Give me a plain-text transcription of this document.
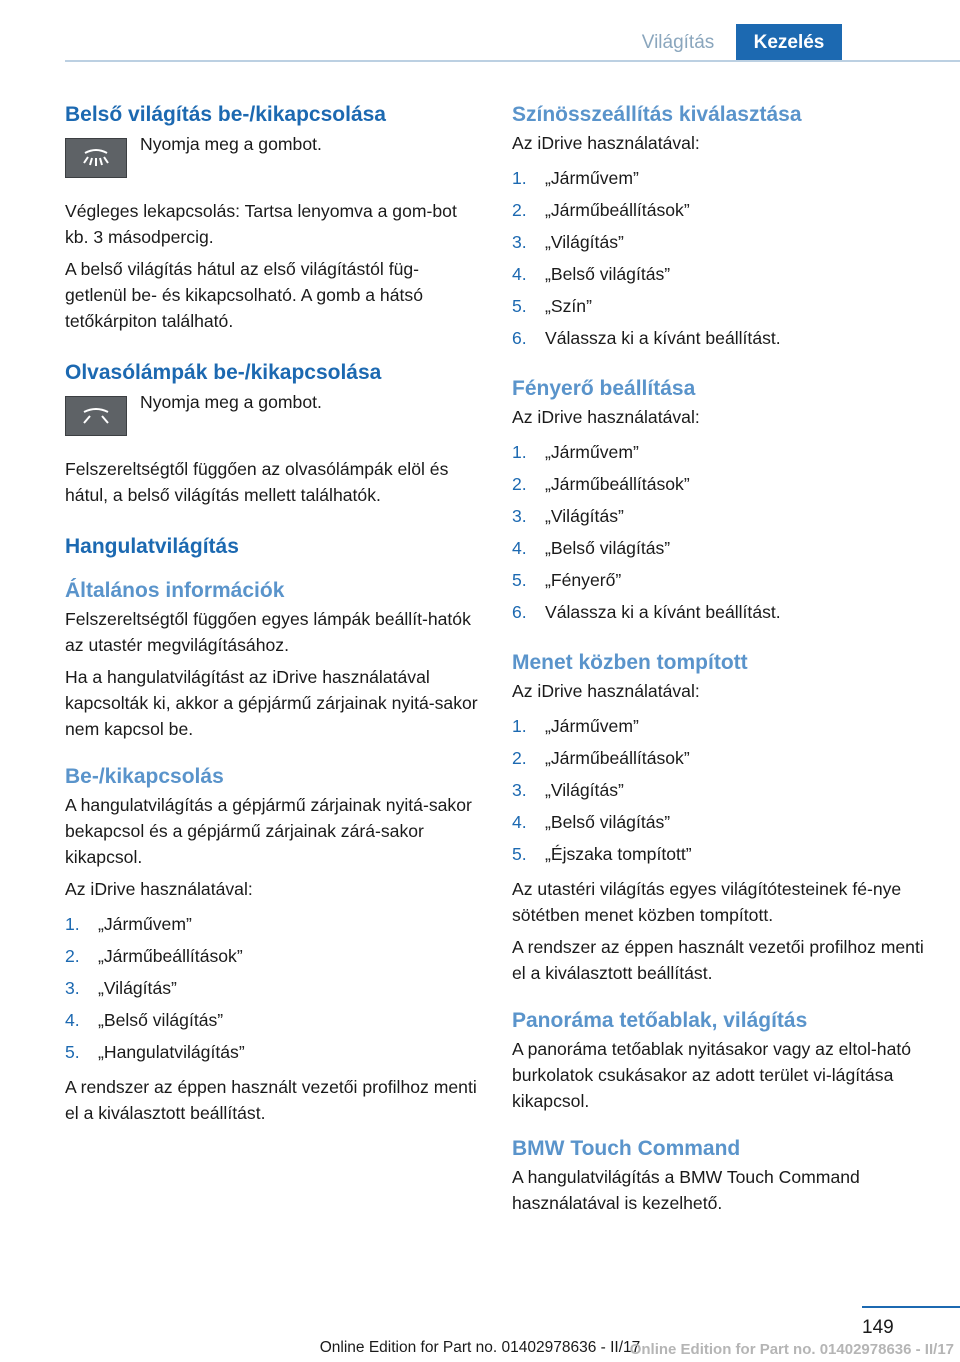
Világítás	Kezelés
Belső világítás be-/kikapcsolása
Nyomja meg a gombot.

Végleges lekapcsolás: Tartsa lenyomva a gom-bot kb. 3 másodpercig.

A belső világítás hátul az első világítástól füg-getlenül be- és kikapcsolható. A gomb a hátsó tetőkárpiton található.

Olvasólámpák be-/kikapcsolása
Nyomja meg a gombot.

Felszereltségtől függően az olvasólámpák elöl és hátul, a belső világítás mellett találhatók.

Hangulatvilágítás
Általános információk

Felszereltségtől függően egyes lámpák beállít-hatók az utastér megvilágításához.

Ha a hangulatvilágítást az iDrive használatával kapcsolták ki, akkor a gépjármű zárjainak nyitá-sakor nem kapcsol be.

Be-/kikapcsolás

A hangulatvilágítás a gépjármű zárjainak nyitá-sakor bekapcsol és a gépjármű zárjainak zárá-sakor kikapcsol.

Az iDrive használatával:

1. „Járművem”
2. „Járműbeállítások”
3. „Világítás”
4. „Belső világítás”
5. „Hangulatvilágítás”

A rendszer az éppen használt vezetői profilhoz menti el a kiválasztott beállítást.

Színösszeállítás kiválasztása

Az iDrive használatával:

1. „Járművem”
2. „Járműbeállítások”
3. „Világítás”
4. „Belső világítás”
5. „Szín”
6. Válassza ki a kívánt beállítást.
Fényerő beállítása

Az iDrive használatával:

1. „Járművem”
2. „Járműbeállítások”
3. „Világítás”
4. „Belső világítás”
5. „Fényerő”
6. Válassza ki a kívánt beállítást.
Menet közben tompított

Az iDrive használatával:

1. „Járművem”
2. „Járműbeállítások”
3. „Világítás”
4. „Belső világítás”
5. „Éjszaka tompított”

Az utastéri világítás egyes világítótesteinek fé-nye sötétben menet közben tompított.

A rendszer az éppen használt vezetői profilhoz menti el a kiválasztott beállítást.

Panoráma tetőablak, világítás

A panoráma tetőablak nyitásakor vagy az eltol-ható burkolatok csukásakor az adott terület vi-lágítása kikapcsol.

BMW Touch Command

A hangulatvilágítás a BMW Touch Command használatával is kezelhető.

149
Online Edition for Part no. 01402978636 - II/17
Online Edition for Part no. 01402978636 - II/17
